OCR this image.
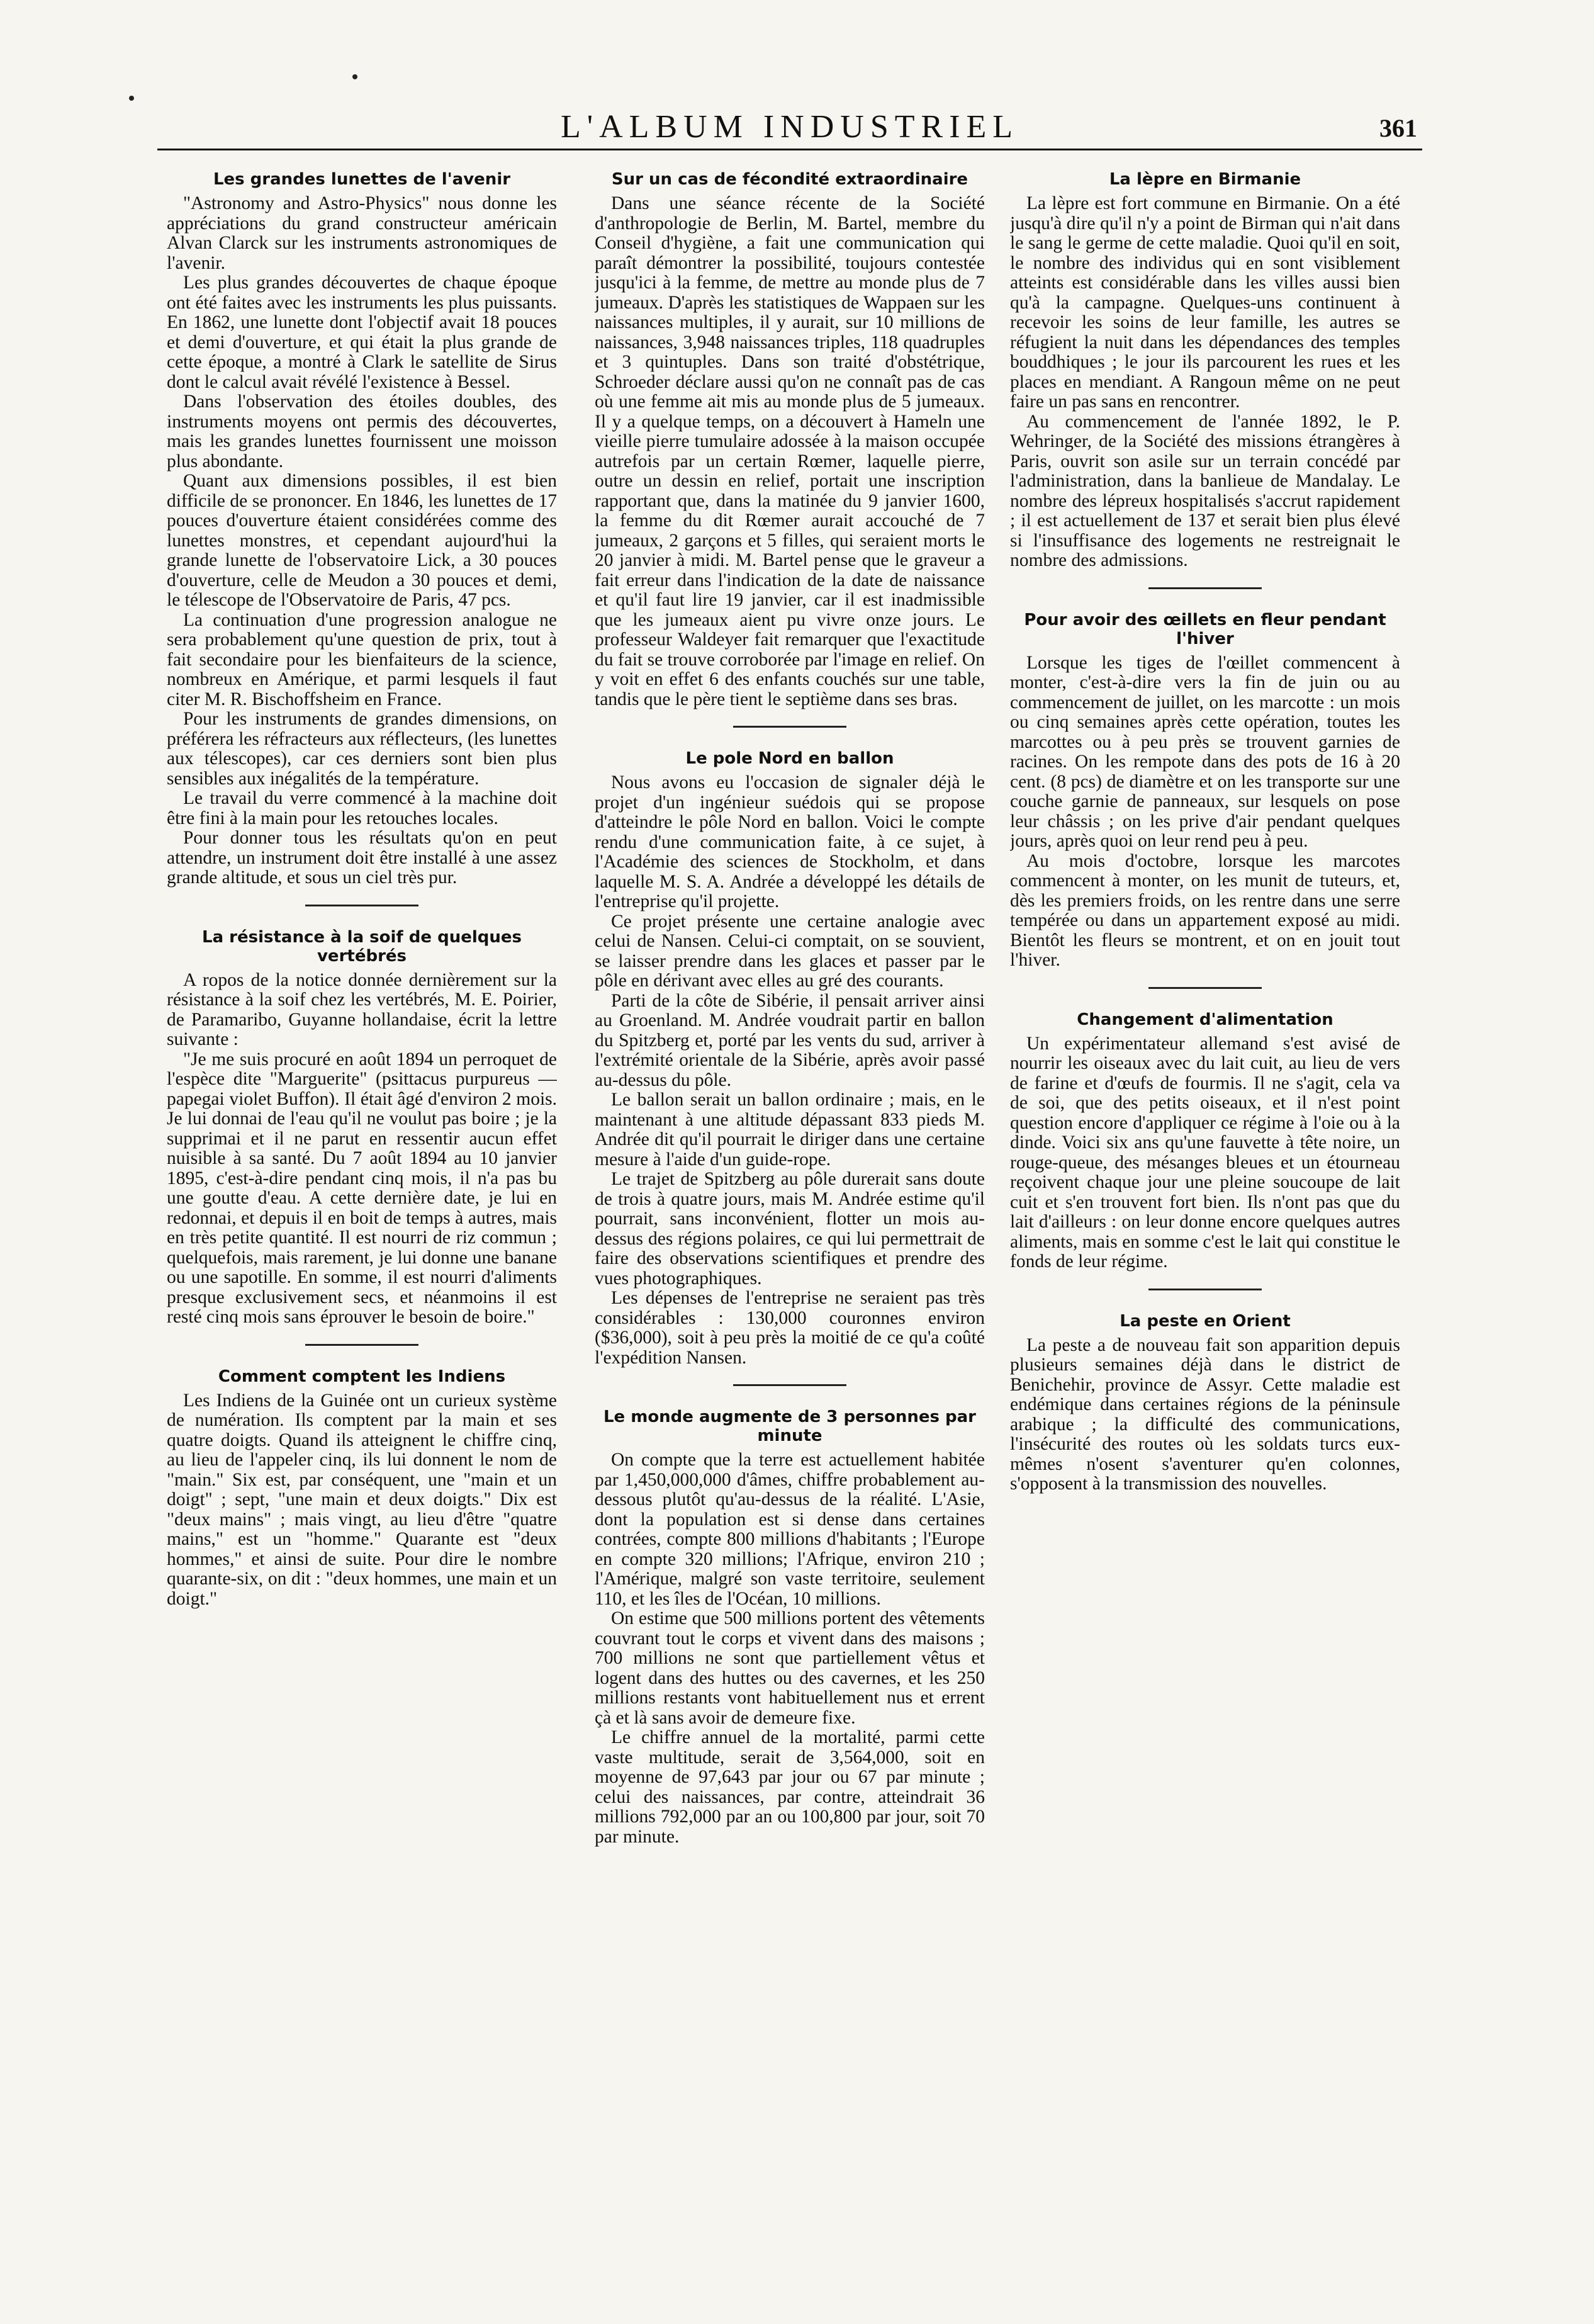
L'ALBUM INDUSTRIEL	361
Les grandes lunettes de l'avenir

"Astronomy and Astro-Physics" nous donne les appréciations du grand constructeur américain Alvan Clarck sur les instruments astronomiques de l'avenir.

Les plus grandes découvertes de chaque époque ont été faites avec les instruments les plus puissants. En 1862, une lunette dont l'objectif avait 18 pouces et demi d'ouverture, et qui était la plus grande de cette époque, a montré à Clark le satellite de Sirus dont le calcul avait révélé l'existence à Bessel.

Dans l'observation des étoiles doubles, des instruments moyens ont permis des découvertes, mais les grandes lunettes fournissent une moisson plus abondante.

Quant aux dimensions possibles, il est bien difficile de se prononcer. En 1846, les lunettes de 17 pouces d'ouverture étaient considérées comme des lunettes monstres, et cependant aujourd'hui la grande lunette de l'observatoire Lick, a 30 pouces d'ouverture, celle de Meudon a 30 pouces et demi, le télescope de l'Observatoire de Paris, 47 pcs.

La continuation d'une progression analogue ne sera probablement qu'une question de prix, tout à fait secondaire pour les bienfaiteurs de la science, nombreux en Amérique, et parmi lesquels il faut citer M. R. Bischoffsheim en France.

Pour les instruments de grandes dimensions, on préférera les réfracteurs aux réflecteurs, (les lunettes aux télescopes), car ces derniers sont bien plus sensibles aux inégalités de la température.

Le travail du verre commencé à la machine doit être fini à la main pour les retouches locales.

Pour donner tous les résultats qu'on en peut attendre, un instrument doit être installé à une assez grande altitude, et sous un ciel très pur.

La résistance à la soif de quelques vertébrés

A ropos de la notice donnée dernièrement sur la résistance à la soif chez les vertébrés, M. E. Poirier, de Paramaribo, Guyanne hollandaise, écrit la lettre suivante :

"Je me suis procuré en août 1894 un perroquet de l'espèce dite "Marguerite" (psittacus purpureus — papegai violet Buffon). Il était âgé d'environ 2 mois. Je lui donnai de l'eau qu'il ne voulut pas boire ; je la supprimai et il ne parut en ressentir aucun effet nuisible à sa santé. Du 7 août 1894 au 10 janvier 1895, c'est-à-dire pendant cinq mois, il n'a pas bu une goutte d'eau. A cette dernière date, je lui en redonnai, et depuis il en boit de temps à autres, mais en très petite quantité. Il est nourri de riz commun ; quelquefois, mais rarement, je lui donne une banane ou une sapotille. En somme, il est nourri d'aliments presque exclusivement secs, et néanmoins il est resté cinq mois sans éprouver le besoin de boire."

Comment comptent les Indiens

Les Indiens de la Guinée ont un curieux système de numération. Ils comptent par la main et ses quatre doigts. Quand ils atteignent le chiffre cinq, au lieu de l'appeler cinq, ils lui donnent le nom de "main." Six est, par conséquent, une "main et un doigt" ; sept, "une main et deux doigts." Dix est "deux mains" ; mais vingt, au lieu d'être "quatre mains," est un "homme." Quarante est "deux hommes," et ainsi de suite. Pour dire le nombre quarante-six, on dit : "deux hommes, une main et un doigt."

Sur un cas de fécondité extraordinaire

Dans une séance récente de la Société d'anthropologie de Berlin, M. Bartel, membre du Conseil d'hygiène, a fait une communication qui paraît démontrer la possibilité, toujours contestée jusqu'ici à la femme, de mettre au monde plus de 7 jumeaux. D'après les statistiques de Wappaen sur les naissances multiples, il y aurait, sur 10 millions de naissances, 3,948 naissances triples, 118 quadruples et 3 quintuples. Dans son traité d'obstétrique, Schroeder déclare aussi qu'on ne connaît pas de cas où une femme ait mis au monde plus de 5 jumeaux. Il y a quelque temps, on a découvert à Hameln une vieille pierre tumulaire adossée à la maison occupée autrefois par un certain Rœmer, laquelle pierre, outre un dessin en relief, portait une inscription rapportant que, dans la matinée du 9 janvier 1600, la femme du dit Rœmer aurait accouché de 7 jumeaux, 2 garçons et 5 filles, qui seraient morts le 20 janvier à midi. M. Bartel pense que le graveur a fait erreur dans l'indication de la date de naissance et qu'il faut lire 19 janvier, car il est inadmissible que les jumeaux aient pu vivre onze jours. Le professeur Waldeyer fait remarquer que l'exactitude du fait se trouve corroborée par l'image en relief. On y voit en effet 6 des enfants couchés sur une table, tandis que le père tient le septième dans ses bras.

Le pole Nord en ballon

Nous avons eu l'occasion de signaler déjà le projet d'un ingénieur suédois qui se propose d'atteindre le pôle Nord en ballon. Voici le compte rendu d'une communication faite, à ce sujet, à l'Académie des sciences de Stockholm, et dans laquelle M. S. A. Andrée a développé les détails de l'entreprise qu'il projette.

Ce projet présente une certaine analogie avec celui de Nansen. Celui-ci comptait, on se souvient, se laisser prendre dans les glaces et passer par le pôle en dérivant avec elles au gré des courants.

Parti de la côte de Sibérie, il pensait arriver ainsi au Groenland. M. Andrée voudrait partir en ballon du Spitzberg et, porté par les vents du sud, arriver à l'extrémité orientale de la Sibérie, après avoir passé au-dessus du pôle.

Le ballon serait un ballon ordinaire ; mais, en le maintenant à une altitude dépassant 833 pieds M. Andrée dit qu'il pourrait le diriger dans une certaine mesure à l'aide d'un guide-rope.

Le trajet de Spitzberg au pôle durerait sans doute de trois à quatre jours, mais M. Andrée estime qu'il pourrait, sans inconvénient, flotter un mois au-dessus des régions polaires, ce qui lui permettrait de faire des observations scientifiques et prendre des vues photographiques.

Les dépenses de l'entreprise ne seraient pas très considérables : 130,000 couronnes environ ($36,000), soit à peu près la moitié de ce qu'a coûté l'expédition Nansen.

Le monde augmente de 3 personnes par minute

On compte que la terre est actuellement habitée par 1,450,000,000 d'âmes, chiffre probablement au-dessous plutôt qu'au-dessus de la réalité. L'Asie, dont la population est si dense dans certaines contrées, compte 800 millions d'habitants ; l'Europe en compte 320 millions; l'Afrique, environ 210 ; l'Amérique, malgré son vaste territoire, seulement 110, et les îles de l'Océan, 10 millions.

On estime que 500 millions portent des vêtements couvrant tout le corps et vivent dans des maisons ; 700 millions ne sont que partiellement vêtus et logent dans des huttes ou des cavernes, et les 250 millions restants vont habituellement nus et errent çà et là sans avoir de demeure fixe.

Le chiffre annuel de la mortalité, parmi cette vaste multitude, serait de 3,564,000, soit en moyenne de 97,643 par jour ou 67 par minute ; celui des naissances, par contre, atteindrait 36 millions 792,000 par an ou 100,800 par jour, soit 70 par minute.

La lèpre en Birmanie

La lèpre est fort commune en Birmanie. On a été jusqu'à dire qu'il n'y a point de Birman qui n'ait dans le sang le germe de cette maladie. Quoi qu'il en soit, le nombre des individus qui en sont visiblement atteints est considérable dans les villes aussi bien qu'à la campagne. Quelques-uns continuent à recevoir les soins de leur famille, les autres se réfugient la nuit dans les dépendances des temples bouddhiques ; le jour ils parcourent les rues et les places en mendiant. A Rangoun même on ne peut faire un pas sans en rencontrer.

Au commencement de l'année 1892, le P. Wehringer, de la Société des missions étrangères à Paris, ouvrit son asile sur un terrain concédé par l'administration, dans la banlieue de Mandalay. Le nombre des lépreux hospitalisés s'accrut rapidement ; il est actuellement de 137 et serait bien plus élevé si l'insuffisance des logements ne restreignait le nombre des admissions.

Pour avoir des œillets en fleur pendant l'hiver

Lorsque les tiges de l'œillet commencent à monter, c'est-à-dire vers la fin de juin ou au commencement de juillet, on les marcotte : un mois ou cinq semaines après cette opération, toutes les marcottes ou à peu près se trouvent garnies de racines. On les rempote dans des pots de 16 à 20 cent. (8 pcs) de diamètre et on les transporte sur une couche garnie de panneaux, sur lesquels on pose leur châssis ; on les prive d'air pendant quelques jours, après quoi on leur rend peu à peu.

Au mois d'octobre, lorsque les marcotes commencent à monter, on les munit de tuteurs, et, dès les premiers froids, on les rentre dans une serre tempérée ou dans un appartement exposé au midi. Bientôt les fleurs se montrent, et on en jouit tout l'hiver.

Changement d'alimentation

Un expérimentateur allemand s'est avisé de nourrir les oiseaux avec du lait cuit, au lieu de vers de farine et d'œufs de fourmis. Il ne s'agit, cela va de soi, que des petits oiseaux, et il n'est point question encore d'appliquer ce régime à l'oie ou à la dinde. Voici six ans qu'une fauvette à tête noire, un rouge-queue, des mésanges bleues et un étourneau reçoivent chaque jour une pleine soucoupe de lait cuit et s'en trouvent fort bien. Ils n'ont pas que du lait d'ailleurs : on leur donne encore quelques autres aliments, mais en somme c'est le lait qui constitue le fonds de leur régime.

La peste en Orient

La peste a de nouveau fait son apparition depuis plusieurs semaines déjà dans le district de Benichehir, province de Assyr. Cette maladie est endémique dans certaines régions de la péninsule arabique ; la difficulté des communications, l'insécurité des routes où les soldats turcs eux-mêmes n'osent s'aventurer qu'en colonnes, s'opposent à la transmission des nouvelles.
